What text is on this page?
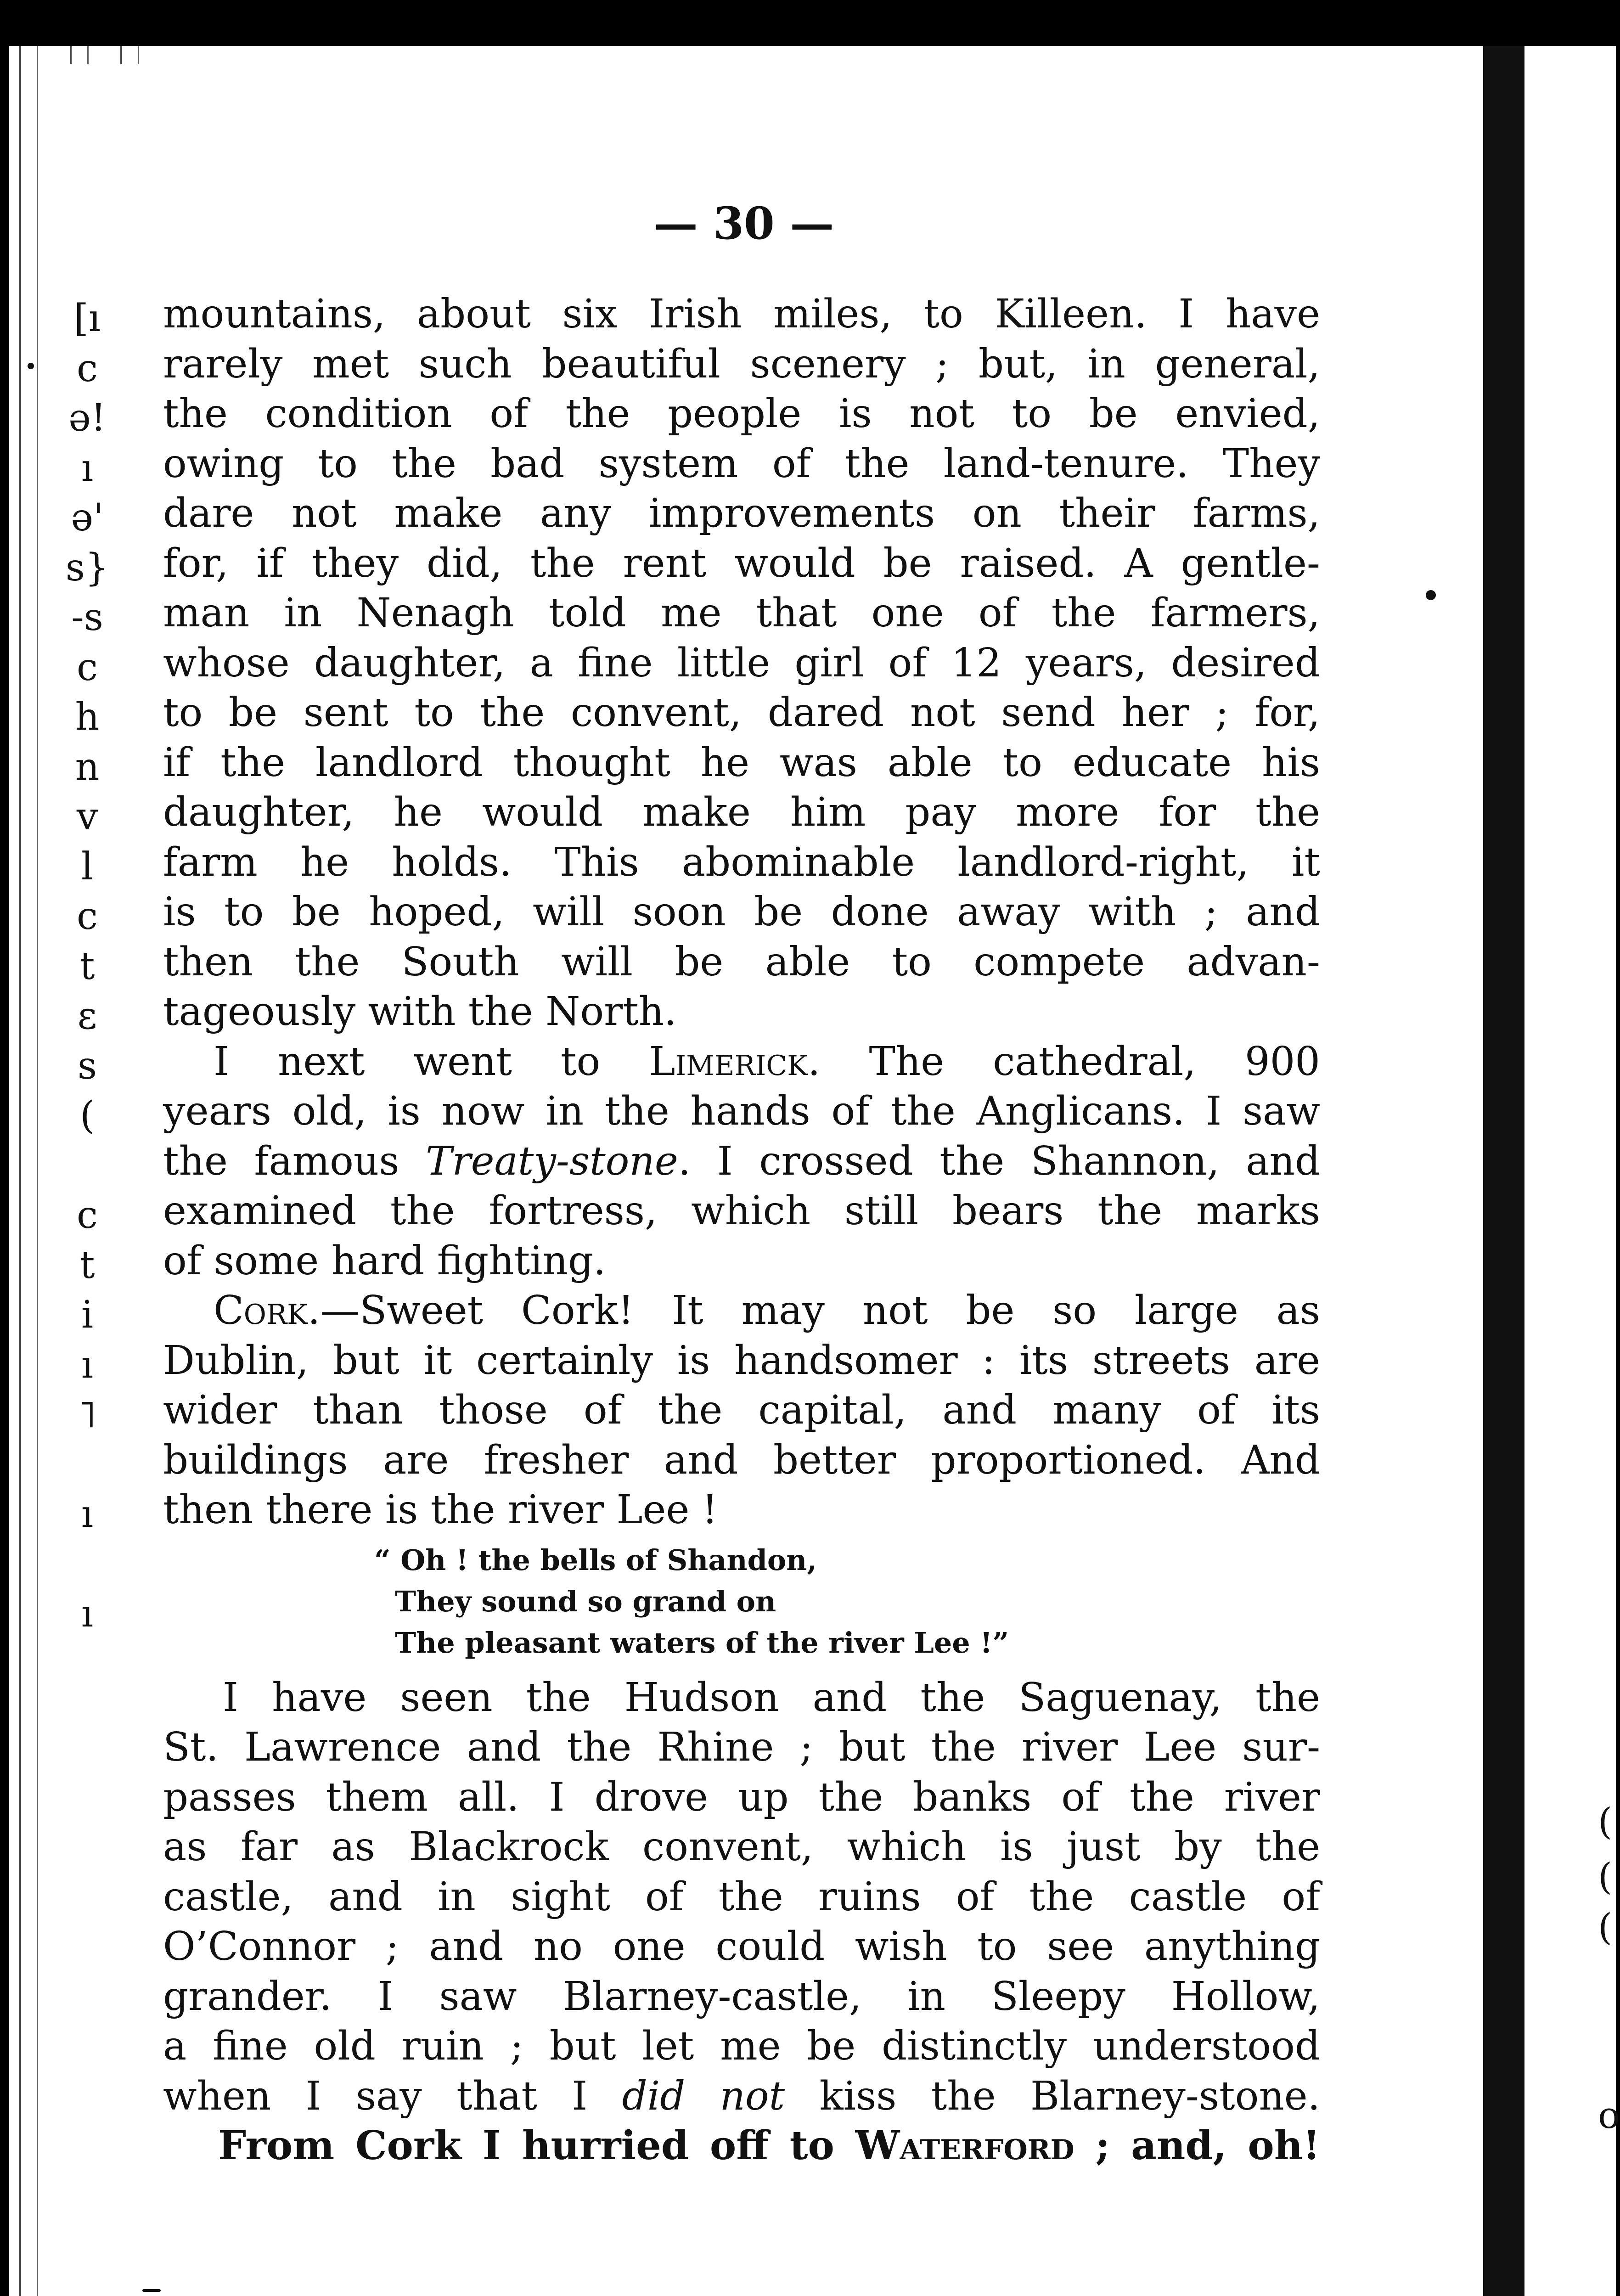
(
(
(
o
[ı
c
ə!
ı
ə'
s}
-s
c
h
n
v
l
c
t
ɛ
s
(
c
t
i
ı
˥
ı
ı
— 30 —
mountains, about six Irish miles, to Killeen. I have
rarely met such beautiful scenery ; but, in general,
the condition of the people is not to be envied,
owing to the bad system of the land-tenure. They
dare not make any improvements on their farms,
for, if they did, the rent would be raised. A gentle-
man in Nenagh told me that one of the farmers,
whose daughter, a fine little girl of 12 years, desired
to be sent to the convent, dared not send her ; for,
if the landlord thought he was able to educate his
daughter, he would make him pay more for the
farm he holds. This abominable landlord-right, it
is to be hoped, will soon be done away with ; and
then the South will be able to compete advan-
tageously with the North.
I next went to Limerick. The cathedral, 900
years old, is now in the hands of the Anglicans. I saw
the famous Treaty-stone. I crossed the Shannon, and
examined the fortress, which still bears the marks
of some hard fighting.
Cork.—Sweet Cork! It may not be so large as
Dublin, but it certainly is handsomer : its streets are
wider than those of the capital, and many of its
buildings are fresher and better proportioned. And
then there is the river Lee !
“ Oh ! the bells of Shandon,
They sound so grand on
The pleasant waters of the river Lee !”
I have seen the Hudson and the Saguenay, the
St. Lawrence and the Rhine ; but the river Lee sur-
passes them all. I drove up the banks of the river
as far as Blackrock convent, which is just by the
castle, and in sight of the ruins of the castle of
O’Connor ; and no one could wish to see anything
grander. I saw Blarney-castle, in Sleepy Hollow,
a fine old ruin ; but let me be distinctly understood
when I say that I did not kiss the Blarney-stone.
From Cork I hurried off to Waterford ; and, oh!
